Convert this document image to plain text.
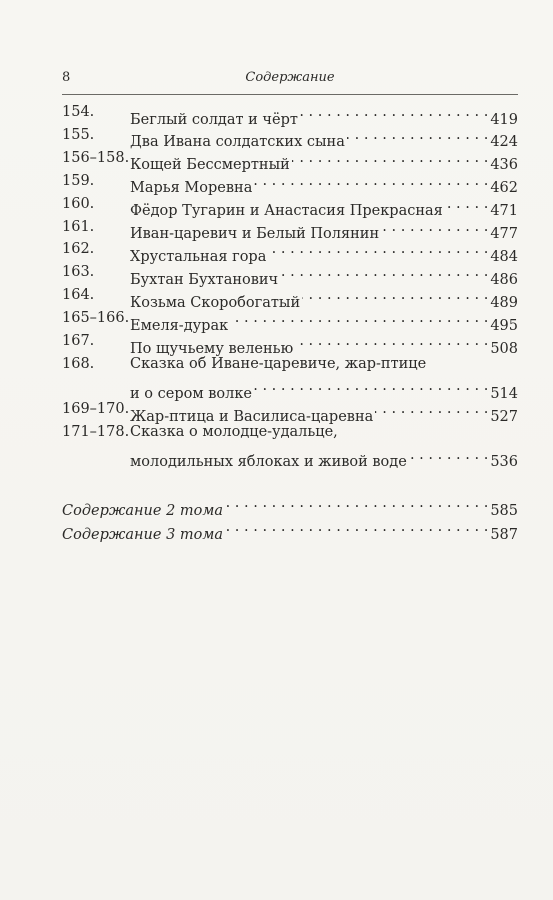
8	Содержание
154. Беглый солдат и чёрт . . .	419
155. Два Ивана солдатских сына . . .	424
156–158. Кощей Бессмертный . . .	436
159. Марья Моревна . . .	462
160. Фёдор Тугарин и Анастасия Прекрасная . . .	471
161. Иван-царевич и Белый Полянин . . .	477
162. Хрустальная гора . . .	484
163. Бухтан Бухтанович . . .	486
164. Козьма Скоробогатый . . .	489
165–166. Емеля-дурак . . .	495
167. По щучьему веленью . . .	508
168. Сказка об Иване-царевиче, жар-птице
и о сером волке . . .	514
169–170. Жар-птица и Василиса-царевна . . .	527
171–178. Сказка о молодце-удальце,
молодильных яблоках и живой воде . . .	536
Содержание 2 тома . . .	585
Содержание 3 тома . . .	587
